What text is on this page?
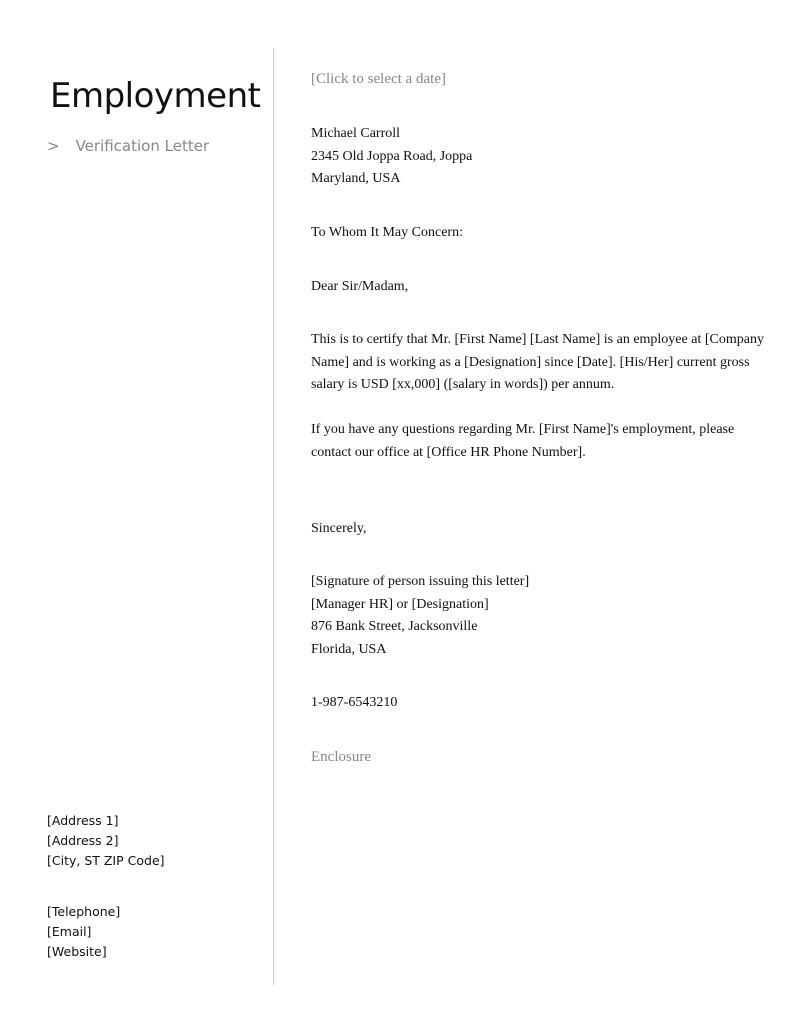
Employment
> Verification Letter
[Address 1]
[Address 2]
[City, ST ZIP Code]
[Telephone]
[Email]
[Website]
[Click to select a date]
Michael Carroll
2345 Old Joppa Road, Joppa
Maryland, USA
To Whom It May Concern:
Dear Sir/Madam,
This is to certify that Mr. [First Name] [Last Name] is an employee at [Company
Name] and is working as a [Designation] since [Date]. [His/Her] current gross
salary is USD [xx,000] ([salary in words]) per annum.
If you have any questions regarding Mr. [First Name]'s employment, please
contact our office at [Office HR Phone Number].
Sincerely,
[Signature of person issuing this letter]
[Manager HR] or [Designation]
876 Bank Street, Jacksonville
Florida, USA
1-987-6543210
Enclosure
